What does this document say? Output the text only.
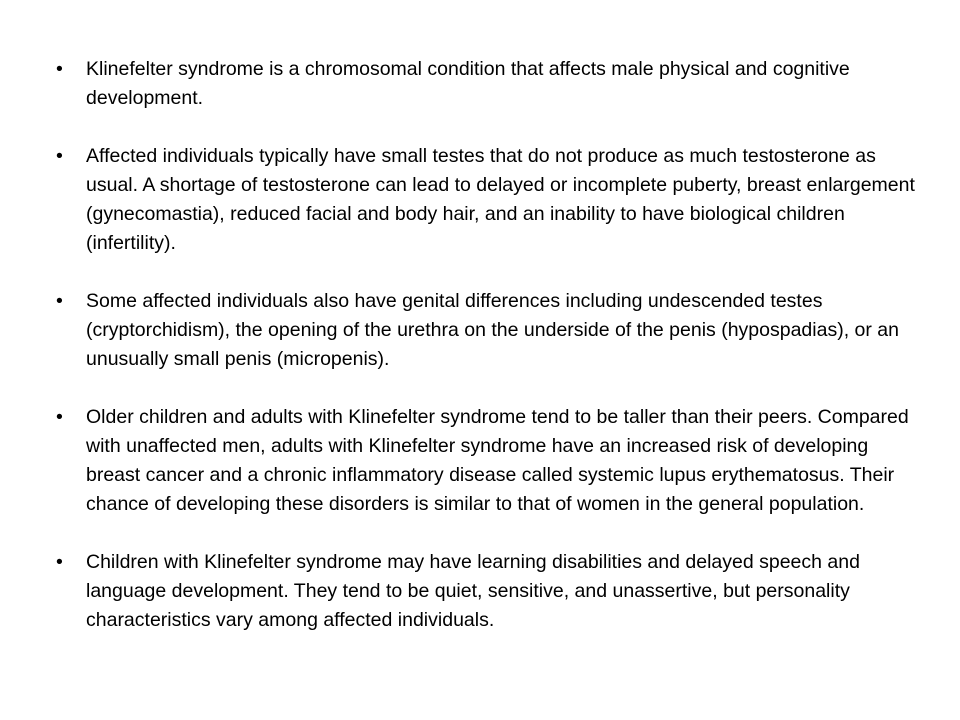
• Klinefelter syndrome is a chromosomal condition that affects male physical and cognitive development.
• Affected individuals typically have small testes that do not produce as much testosterone as usual. A shortage of testosterone can lead to delayed or incomplete puberty, breast enlargement (gynecomastia), reduced facial and body hair, and an inability to have biological children (infertility).
• Some affected individuals also have genital differences including undescended testes (cryptorchidism), the opening of the urethra on the underside of the penis (hypospadias), or an unusually small penis (micropenis).
• Older children and adults with Klinefelter syndrome tend to be taller than their peers. Compared with unaffected men, adults with Klinefelter syndrome have an increased risk of developing breast cancer and a chronic inflammatory disease called systemic lupus erythematosus. Their chance of developing these disorders is similar to that of women in the general population.
• Children with Klinefelter syndrome may have learning disabilities and delayed speech and language development. They tend to be quiet, sensitive, and unassertive, but personality characteristics vary among affected individuals.
